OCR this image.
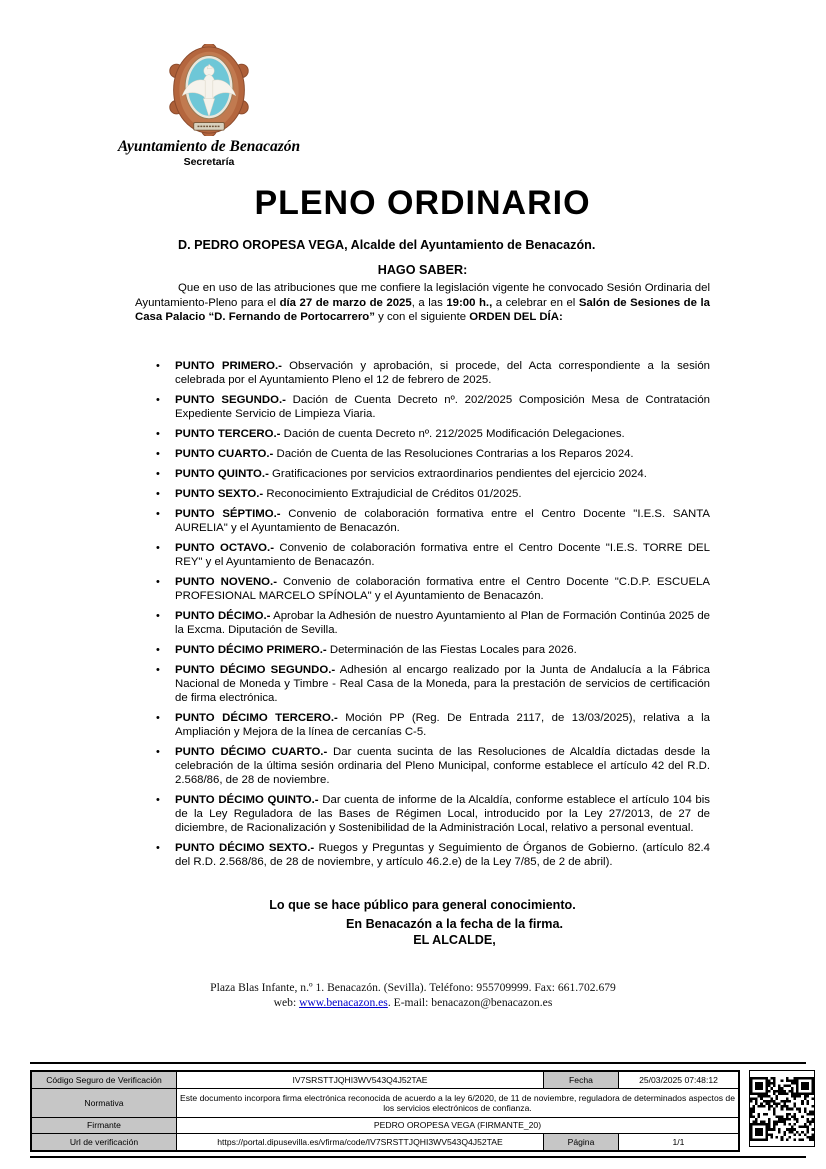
Ayuntamiento de Benacazón
Secretaría
PLENO ORDINARIO
D. PEDRO OROPESA VEGA, Alcalde del Ayuntamiento de Benacazón.
HAGO SABER:
Que en uso de las atribuciones que me confiere la legislación vigente he convocado Sesión Ordinaria del Ayuntamiento-Pleno para el día 27 de marzo de 2025, a las 19:00 h., a celebrar en el Salón de Sesiones de la Casa Palacio “D. Fernando de Portocarrero” y con el siguiente ORDEN DEL DÍA:
• PUNTO PRIMERO.- Observación y aprobación, si procede, del Acta correspondiente a la sesión celebrada por el Ayuntamiento Pleno el 12 de febrero de 2025.
• PUNTO SEGUNDO.- Dación de Cuenta Decreto nº. 202/2025 Composición Mesa de Contratación Expediente Servicio de Limpieza Viaria.
• PUNTO TERCERO.- Dación de cuenta Decreto nº. 212/2025 Modificación Delegaciones.
• PUNTO CUARTO.- Dación de Cuenta de las Resoluciones Contrarias a los Reparos 2024.
• PUNTO QUINTO.- Gratificaciones por servicios extraordinarios pendientes del ejercicio 2024.
• PUNTO SEXTO.- Reconocimiento Extrajudicial de Créditos 01/2025.
• PUNTO SÉPTIMO.- Convenio de colaboración formativa entre el Centro Docente "I.E.S. SANTA AURELIA" y el Ayuntamiento de Benacazón.
• PUNTO OCTAVO.- Convenio de colaboración formativa entre el Centro Docente "I.E.S. TORRE DEL REY" y el Ayuntamiento de Benacazón.
• PUNTO NOVENO.- Convenio de colaboración formativa entre el Centro Docente "C.D.P. ESCUELA PROFESIONAL MARCELO SPÍNOLA" y el Ayuntamiento de Benacazón.
• PUNTO DÉCIMO.- Aprobar la Adhesión de nuestro Ayuntamiento al Plan de Formación Continúa 2025 de la Excma. Diputación de Sevilla.
• PUNTO DÉCIMO PRIMERO.- Determinación de las Fiestas Locales para 2026.
• PUNTO DÉCIMO SEGUNDO.- Adhesión al encargo realizado por la Junta de Andalucía a la Fábrica Nacional de Moneda y Timbre - Real Casa de la Moneda, para la prestación de servicios de certificación de firma electrónica.
• PUNTO DÉCIMO TERCERO.- Moción PP (Reg. De Entrada 2117, de 13/03/2025), relativa a la Ampliación y Mejora de la línea de cercanías C-5.
• PUNTO DÉCIMO CUARTO.- Dar cuenta sucinta de las Resoluciones de Alcaldía dictadas desde la celebración de la última sesión ordinaria del Pleno Municipal, conforme establece el artículo 42 del R.D. 2.568/86, de 28 de noviembre.
• PUNTO DÉCIMO QUINTO.- Dar cuenta de informe de la Alcaldía, conforme establece el artículo 104 bis de la Ley Reguladora de las Bases de Régimen Local, introducido por la Ley 27/2013, de 27 de diciembre, de Racionalización y Sostenibilidad de la Administración Local, relativo a personal eventual.
• PUNTO DÉCIMO SEXTO.- Ruegos y Preguntas y Seguimiento de Órganos de Gobierno. (artículo 82.4 del R.D. 2.568/86, de 28 de noviembre, y artículo 46.2.e) de la Ley 7/85, de 2 de abril).
Lo que se hace público para general conocimiento.
En Benacazón a la fecha de la firma.
EL ALCALDE,
Plaza Blas Infante, n.º 1. Benacazón. (Sevilla). Teléfono: 955709999. Fax: 661.702.679
web: www.benacazon.es. E-mail: benacazon@benacazon.es
Código Seguro de Verificación	IV7SRSTTJQHI3WV543Q4J52TAE	Fecha	25/03/2025 07:48:12
Normativa	Este documento incorpora firma electrónica reconocida de acuerdo a la ley 6/2020, de 11 de noviembre, reguladora de determinados aspectos de los servicios electrónicos de confianza.		
Firmante	PEDRO OROPESA VEGA (FIRMANTE_20)		
Url de verificación	https://portal.dipusevilla.es/vfirma/code/IV7SRSTTJQHI3WV543Q4J52TAE	Página	1/1
